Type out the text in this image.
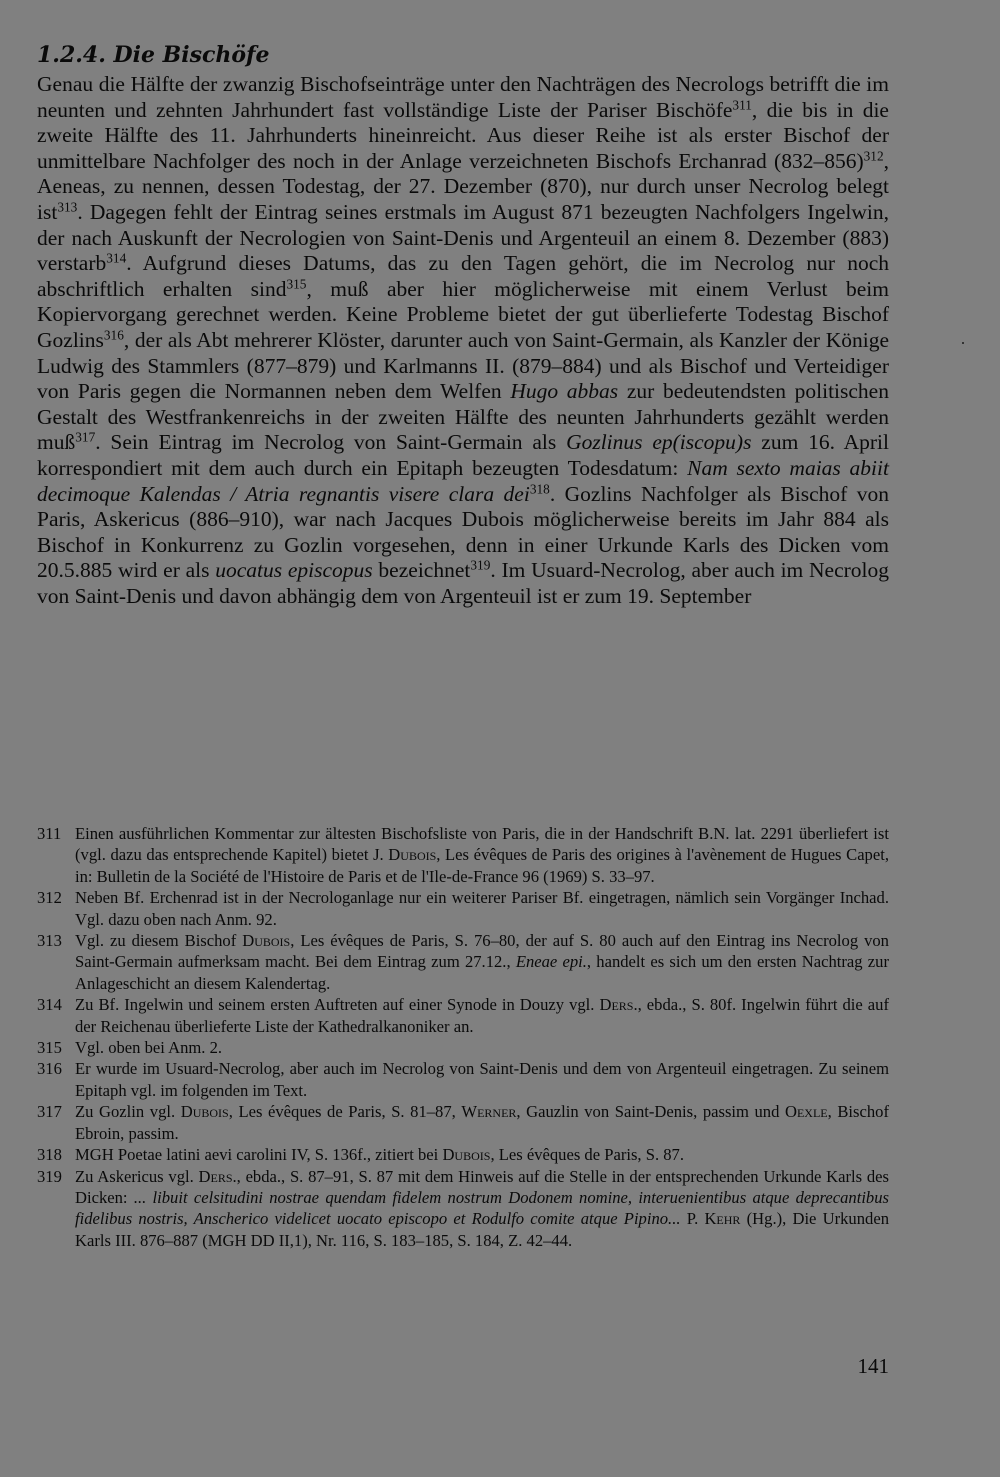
1.2.4. Die Bischöfe

Genau die Hälfte der zwanzig Bischofseinträge unter den Nachträgen des Necrologs betrifft die im neunten und zehnten Jahrhundert fast vollständige Liste der Pariser Bischöfe$^{311}$, die bis in die zweite Hälfte des 11. Jahrhunderts hineinreicht. Aus dieser Reihe ist als erster Bischof der unmittelbare Nachfolger des noch in der Anlage verzeichneten Bischofs Erchanrad $(832-856)^{312}$, Aeneas, zu nennen, dessen Todestag, der 27. Dezember (870), nur durch unser Necrolog belegt ist$^{313}$. Dagegen fehlt der Eintrag seines erstmals im August 871 bezeugten Nachfolgers Ingelwin, der nach Auskunft der Necrologien von Saint-Denis und Argenteuil an einem 8. Dezember (883) verstarb$^{314}$. Aufgrund dieses Datums, das zu den Tagen gehört, die im Necrolog nur noch abschriftlich erhalten sind$^{315}$, muß aber hier möglicherweise mit einem Verlust beim Kopiervorgang gerechnet werden. Keine Probleme bietet der gut überlieferte Todestag Bischof Gozlins$^{316}$, der als Abt mehrerer Klöster, darunter auch von Saint-Germain, als Kanzler der Könige Ludwig des Stammlers (877–879) und Karlmanns II. (879–884) und als Bischof und Verteidiger von Paris gegen die Normannen neben dem Welfen Hugo abbas zur bedeutendsten politischen Gestalt des Westfrankenreichs in der zweiten Hälfte des neunten Jahrhunderts gezählt werden muß$^{317}$. Sein Eintrag im Necrolog von Saint-Germain als Gozlinus ep(iscopu)s zum 16. April korrespondiert mit dem auch durch ein Epitaph bezeugten Todesdatum: Nam sexto maias abiit decimoque Kalendas / Atria regnantis visere clara dei$^{318}$. Gozlins Nachfolger als Bischof von Paris, Askericus (886–910), war nach Jacques Dubois möglicherweise bereits im Jahr 884 als Bischof in Konkurrenz zu Gozlin vorgesehen, denn in einer Urkunde Karls des Dicken vom 20.5.885 wird er als uocatus episcopus bezeichnet$^{319}$. Im Usuard-Necrolog, aber auch im Necrolog von Saint-Denis und davon abhängig dem von Argenteuil ist er zum 19. September

311 Einen ausführlichen Kommentar zur ältesten Bischofsliste von Paris, die in der Handschrift B.N. lat. 2291 überliefert ist (vgl. dazu das entsprechende Kapitel) bietet J. Dubois, Les évêques de Paris des origines à l'avènement de Hugues Capet, in: Bulletin de la Société de l'Histoire de Paris et de l'Ile-de-France 96 (1969) S. 33–97.
312 Neben Bf. Erchenrad ist in der Necrologanlage nur ein weiterer Pariser Bf. eingetragen, nämlich sein Vorgänger Inchad. Vgl. dazu oben nach Anm. 92.
313 Vgl. zu diesem Bischof Dubois, Les évêques de Paris, S. 76–80, der auf S. 80 auch auf den Eintrag ins Necrolog von Saint-Germain aufmerksam macht. Bei dem Eintrag zum 27.12., Eneae epi., handelt es sich um den ersten Nachtrag zur Anlageschicht an diesem Kalendertag.
314 Zu Bf. Ingelwin und seinem ersten Auftreten auf einer Synode in Douzy vgl. Ders., ebda., S. 80f. Ingelwin führt die auf der Reichenau überlieferte Liste der Kathedralkanoniker an.
315 Vgl. oben bei Anm. 2.
316 Er wurde im Usuard-Necrolog, aber auch im Necrolog von Saint-Denis und dem von Argenteuil eingetragen. Zu seinem Epitaph vgl. im folgenden im Text.
317 Zu Gozlin vgl. Dubois, Les évêques de Paris, S. 81–87, Werner, Gauzlin von Saint-Denis, passim und Oexle, Bischof Ebroin, passim.
318 MGH Poetae latini aevi carolini IV, S. 136f., zitiert bei Dubois, Les évêques de Paris, S. 87.
319 Zu Askericus vgl. Ders., ebda., S. 87–91, S. 87 mit dem Hinweis auf die Stelle in der entsprechenden Urkunde Karls des Dicken: ... libuit celsitudini nostrae quendam fidelem nostrum Dodonem nomine, interuenientibus atque deprecantibus fidelibus nostris, Anscherico videlicet uocato episcopo et Rodulfo comite atque Pipino... P. Kehr (Hg.), Die Urkunden Karls III. 876–887 (MGH DD II,1), Nr. 116, S. 183–185, S. 184, Z. 42–44.
141
